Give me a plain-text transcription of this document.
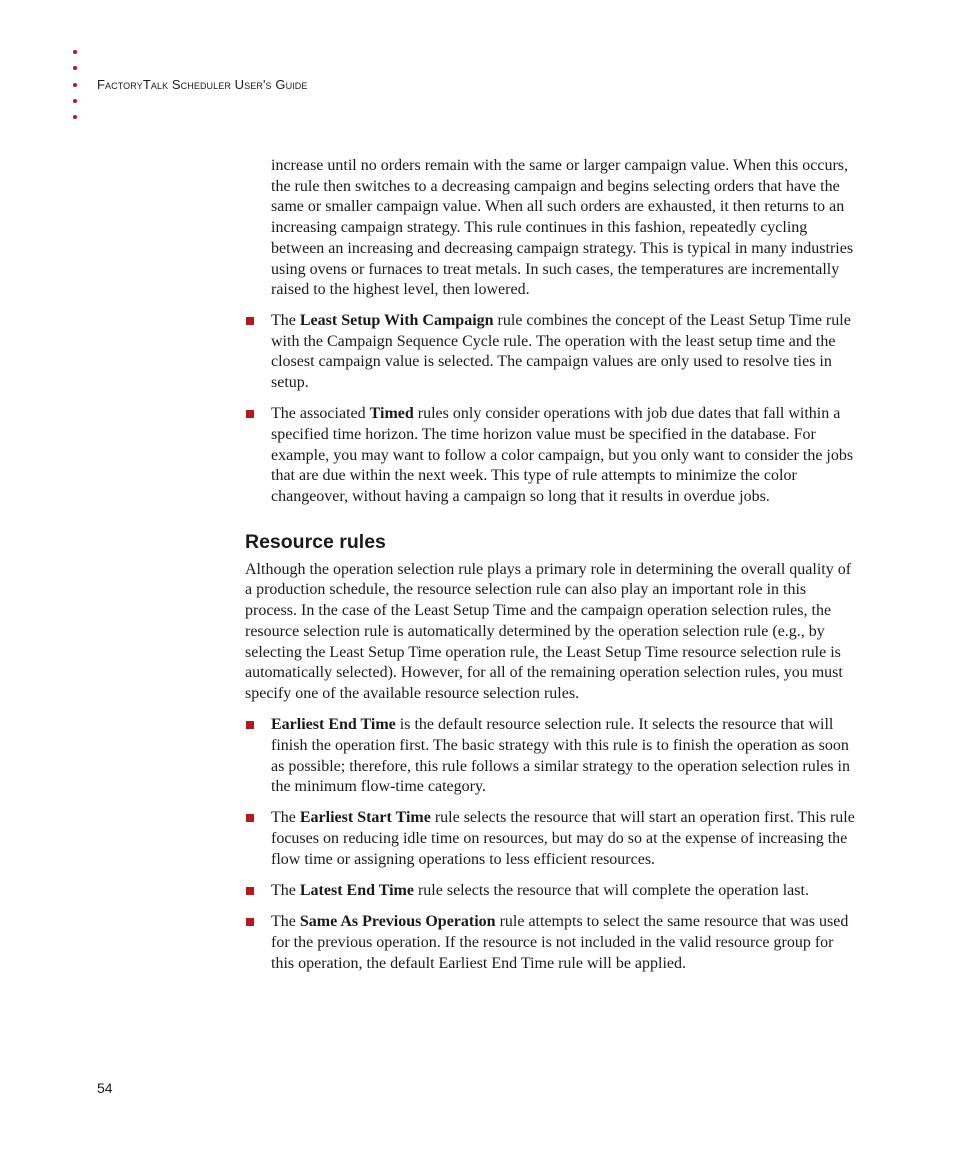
FactoryTalk Scheduler User's Guide

increase until no orders remain with the same or larger campaign value. When this occurs, the rule then switches to a decreasing campaign and begins selecting orders that have the same or smaller campaign value. When all such orders are exhausted, it then returns to an increasing campaign strategy. This rule continues in this fashion, repeatedly cycling between an increasing and decreasing campaign strategy. This is typical in many industries using ovens or furnaces to treat metals. In such cases, the temperatures are incrementally raised to the highest level, then lowered.

The Least Setup With Campaign rule combines the concept of the Least Setup Time rule with the Campaign Sequence Cycle rule. The operation with the least setup time and the closest campaign value is selected. The campaign values are only used to resolve ties in setup.
The associated Timed rules only consider operations with job due dates that fall within a specified time horizon. The time horizon value must be specified in the database. For example, you may want to follow a color campaign, but you only want to consider the jobs that are due within the next week. This type of rule attempts to minimize the color changeover, without having a campaign so long that it results in overdue jobs.
Resource rules

Although the operation selection rule plays a primary role in determining the overall quality of a production schedule, the resource selection rule can also play an important role in this process. In the case of the Least Setup Time and the campaign operation selection rules, the resource selection rule is automatically determined by the operation selection rule (e.g., by selecting the Least Setup Time operation rule, the Least Setup Time resource selection rule is automatically selected). However, for all of the remaining operation selection rules, you must specify one of the available resource selection rules.

Earliest End Time is the default resource selection rule. It selects the resource that will finish the operation first. The basic strategy with this rule is to finish the operation as soon as possible; therefore, this rule follows a similar strategy to the operation selection rules in the minimum flow-time category.
The Earliest Start Time rule selects the resource that will start an operation first. This rule focuses on reducing idle time on resources, but may do so at the expense of increasing the flow time or assigning operations to less efficient resources.
The Latest End Time rule selects the resource that will complete the operation last.
The Same As Previous Operation rule attempts to select the same resource that was used for the previous operation. If the resource is not included in the valid resource group for this operation, the default Earliest End Time rule will be applied.
54
